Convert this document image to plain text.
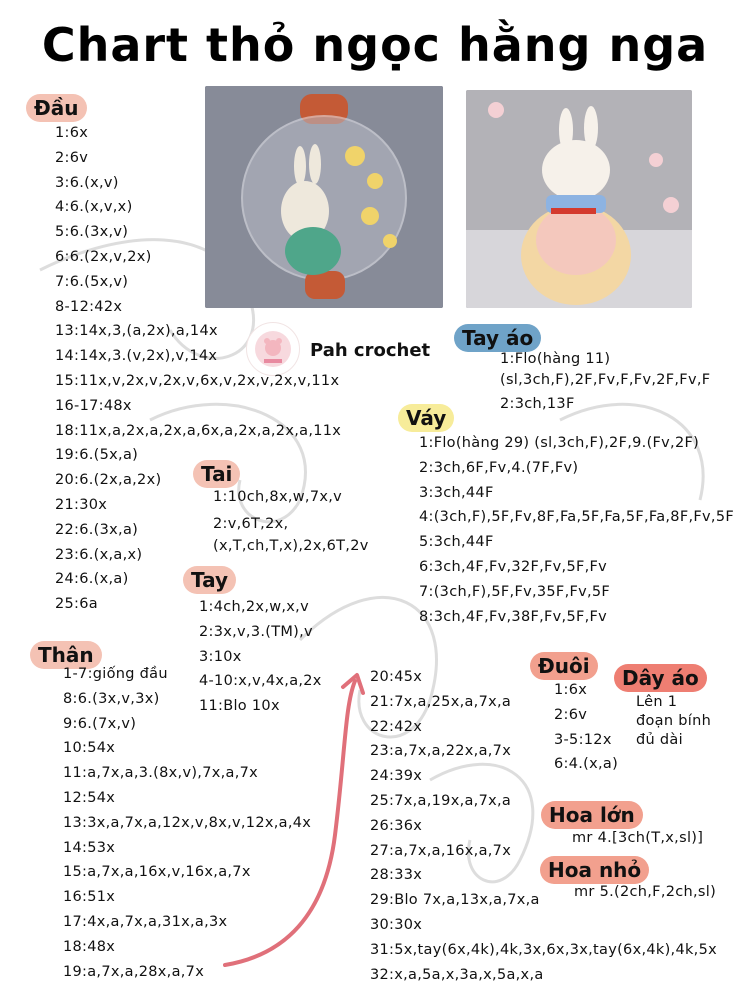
Chart thỏ ngọc hằng nga
Pah crochet
Đầu
1:6x
2:6v
3:6.(x,v)
4:6.(x,v,x)
5:6.(3x,v)
6:6.(2x,v,2x)
7:6.(5x,v)
8-12:42x
13:14x,3,(a,2x),a,14x
14:14x,3.(v,2x),v,14x
15:11x,v,2x,v,2x,v,6x,v,2x,v,2x,v,11x
16-17:48x
18:11x,a,2x,a,2x,a,6x,a,2x,a,2x,a,11x
19:6.(5x,a)
20:6.(2x,a,2x)
21:30x
22:6.(3x,a)
23:6.(x,a,x)
24:6.(x,a)
25:6a
Tay áo
1:Flo(hàng 11)
(sl,3ch,F),2F,Fv,F,Fv,2F,Fv,F
2:3ch,13F
Váy
1:Flo(hàng 29) (sl,3ch,F),2F,9.(Fv,2F)
2:3ch,6F,Fv,4.(7F,Fv)
3:3ch,44F
4:(3ch,F),5F,Fv,8F,Fa,5F,Fa,5F,Fa,8F,Fv,5F
5:3ch,44F
6:3ch,4F,Fv,32F,Fv,5F,Fv
7:(3ch,F),5F,Fv,35F,Fv,5F
8:3ch,4F,Fv,38F,Fv,5F,Fv
Tai
1:10ch,8x,w,7x,v
2:v,6T,2x,
(x,T,ch,T,x),2x,6T,2v
Tay
1:4ch,2x,w,x,v
2:3x,v,3.(TM),v
3:10x
4-10:x,v,4x,a,2x
11:Blo 10x
Thân
1-7:giống đầu
8:6.(3x,v,3x)
9:6.(7x,v)
10:54x
11:a,7x,a,3.(8x,v),7x,a,7x
12:54x
13:3x,a,7x,a,12x,v,8x,v,12x,a,4x
14:53x
15:a,7x,a,16x,v,16x,a,7x
16:51x
17:4x,a,7x,a,31x,a,3x
18:48x
19:a,7x,a,28x,a,7x
20:45x
21:7x,a,25x,a,7x,a
22:42x
23:a,7x,a,22x,a,7x
24:39x
25:7x,a,19x,a,7x,a
26:36x
27:a,7x,a,16x,a,7x
28:33x
29:Blo 7x,a,13x,a,7x,a
30:30x
31:5x,tay(6x,4k),4k,3x,6x,3x,tay(6x,4k),4k,5x
32:x,a,5a,x,3a,x,5a,x,a
Đuôi
1:6x
2:6v
3-5:12x
6:4.(x,a)
Dây áo
Lên 1
đoạn bính
đủ dài
Hoa lớn
mr 4.[3ch(T,x,sl)]
Hoa nhỏ
mr 5.(2ch,F,2ch,sl)
